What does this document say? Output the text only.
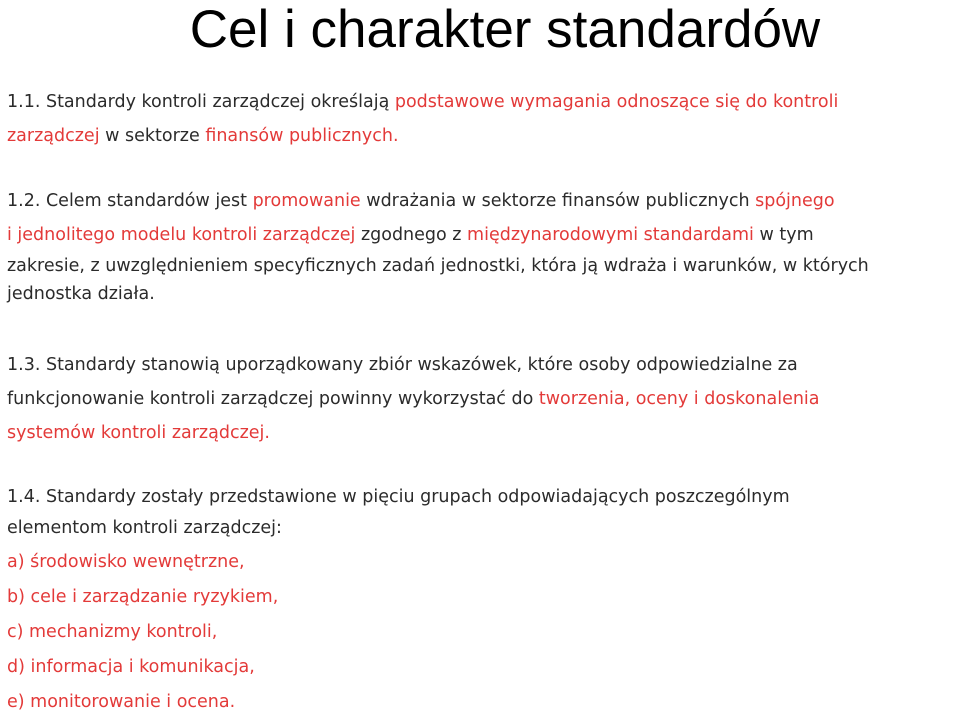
Cel i charakter standardów
1.1. Standardy kontroli zarządczej określają podstawowe wymagania odnoszące się do kontroli
zarządczej w sektorze finansów publicznych.
1.2. Celem standardów jest promowanie wdrażania w sektorze finansów publicznych spójnego
i jednolitego modelu kontroli zarządczej zgodnego z międzynarodowymi standardami w tym
zakresie, z uwzględnieniem specyficznych zadań jednostki, która ją wdraża i warunków, w których
jednostka działa.
1.3. Standardy stanowią uporządkowany zbiór wskazówek, które osoby odpowiedzialne za
funkcjonowanie kontroli zarządczej powinny wykorzystać do tworzenia, oceny i doskonalenia
systemów kontroli zarządczej.
1.4. Standardy zostały przedstawione w pięciu grupach odpowiadających poszczególnym
elementom kontroli zarządczej:
a) środowisko wewnętrzne,
b) cele i zarządzanie ryzykiem,
c) mechanizmy kontroli,
d) informacja i komunikacja,
e) monitorowanie i ocena.
